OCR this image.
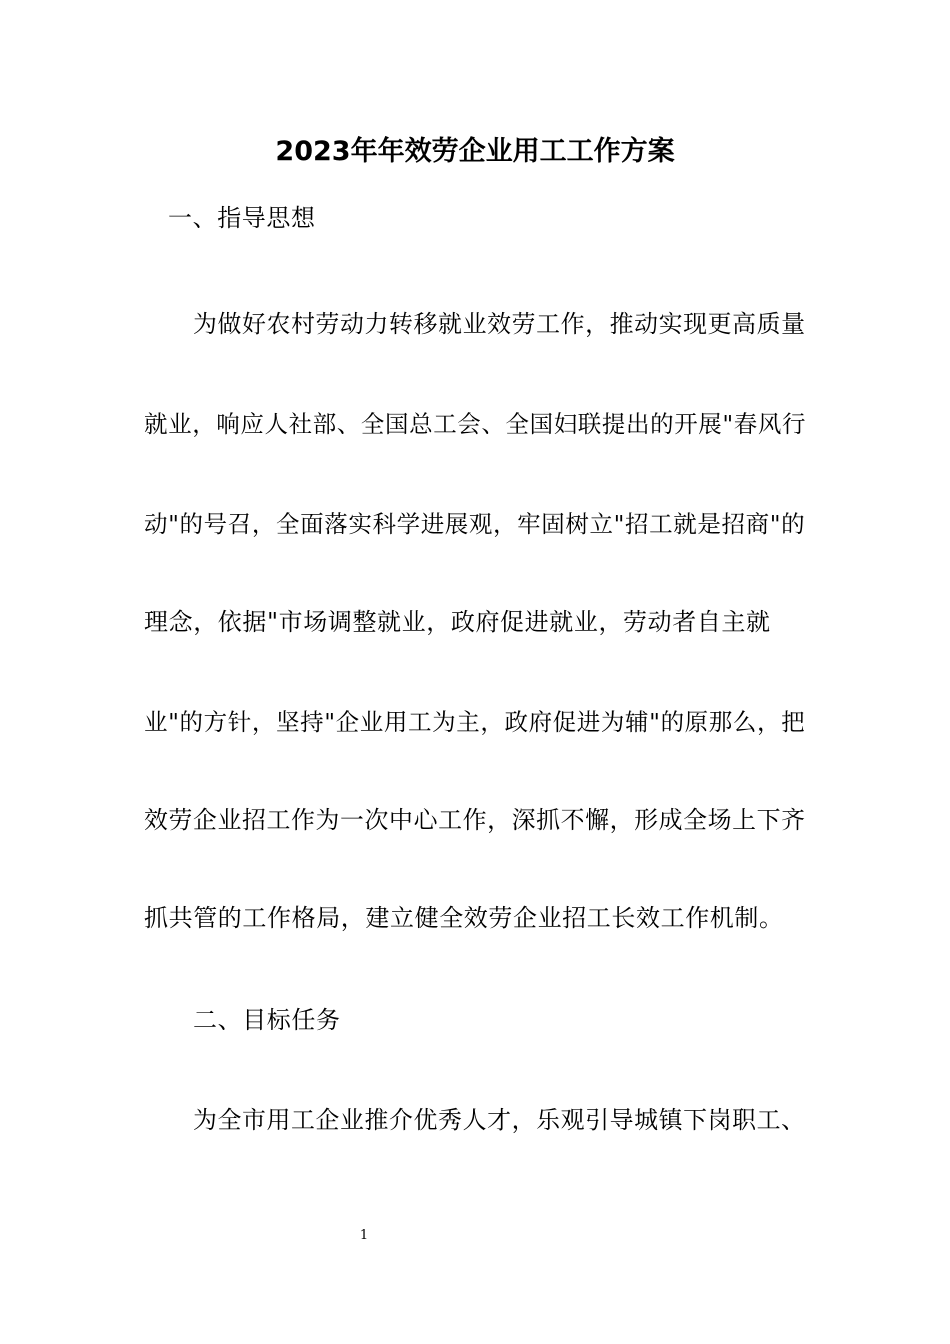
2023年年效劳企业用工工作方案
一、指导思想
为做好农村劳动力转移就业效劳工作，推动实现更高质量
就业，响应人社部、全国总工会、全国妇联提出的开展"春风行
动"的号召，全面落实科学进展观，牢固树立"招工就是招商"的
理念，依据"市场调整就业，政府促进就业，劳动者自主就
业"的方针，坚持"企业用工为主，政府促进为辅"的原那么，把
效劳企业招工作为一次中心工作，深抓不懈，形成全场上下齐
抓共管的工作格局，建立健全效劳企业招工长效工作机制。
二、目标任务
为全市用工企业推介优秀人才，乐观引导城镇下岗职工、
1
